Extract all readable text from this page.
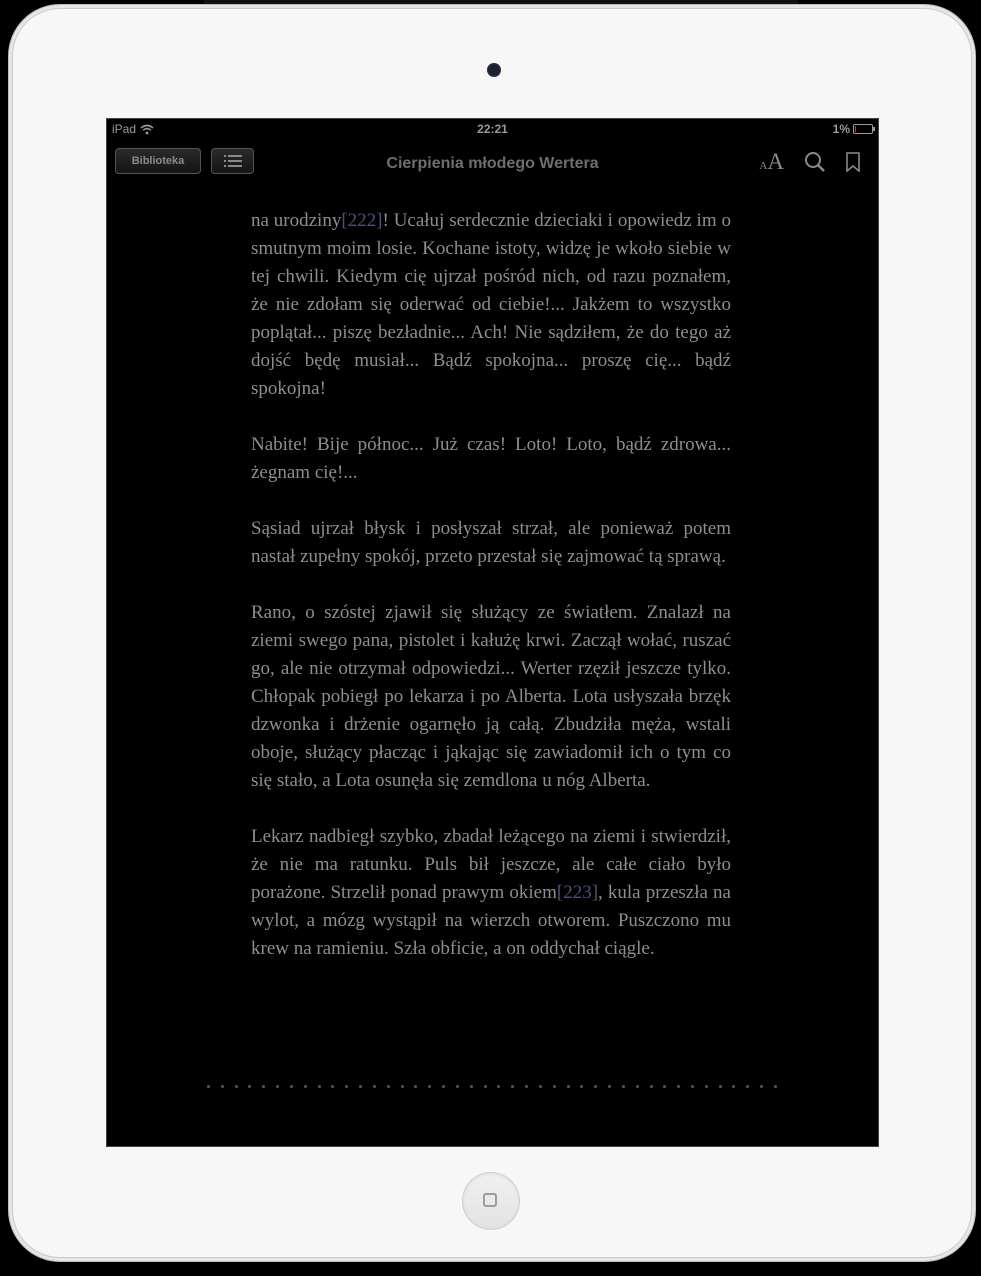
iPad	22:21	1%
Biblioteka	Cierpienia młodego Wertera	A A

na urodziny[222]! Ucałuj serdecznie dzieciaki i opowiedz im o smutnym moim losie. Kochane istoty, widzę je wkoło siebie w tej chwili. Kiedym cię ujrzał pośród nich, od razu poznałem, że nie zdołam się oderwać od ciebie!... Jakżem to wszystko poplątał... piszę bezładnie... Ach! Nie sądziłem, że do tego aż dojść będę musiał... Bądź spokojna... proszę cię... bądź spokojna!

Nabite! Bije północ... Już czas! Loto! Loto, bądź zdrowa... żegnam cię!...

Sąsiad ujrzał błysk i posłyszał strzał, ale ponieważ potem nastał zupełny spokój, przeto przestał się zajmować tą sprawą.

Rano, o szóstej zjawił się służący ze światłem. Znalazł na ziemi swego pana, pistolet i kałużę krwi. Zaczął wołać, ruszać go, ale nie otrzymał odpowiedzi... Werter rzęził jeszcze tylko. Chłopak pobiegł po lekarza i po Alberta. Lota usłyszała brzęk dzwonka i drżenie ogarnęło ją całą. Zbudziła męża, wstali oboje, służący płacząc i jąkając się zawiadomił ich o tym co się stało, a Lota osunęła się zemdlona u nóg Alberta.

Lekarz nadbiegł szybko, zbadał leżącego na ziemi i stwierdził, że nie ma ratunku. Puls bił jeszcze, ale całe ciało było porażone. Strzelił ponad prawym okiem[223], kula przeszła na wylot, a mózg wystąpił na wierzch otworem. Puszczono mu krew na ramieniu. Szła obficie, a on oddychał ciągle.
